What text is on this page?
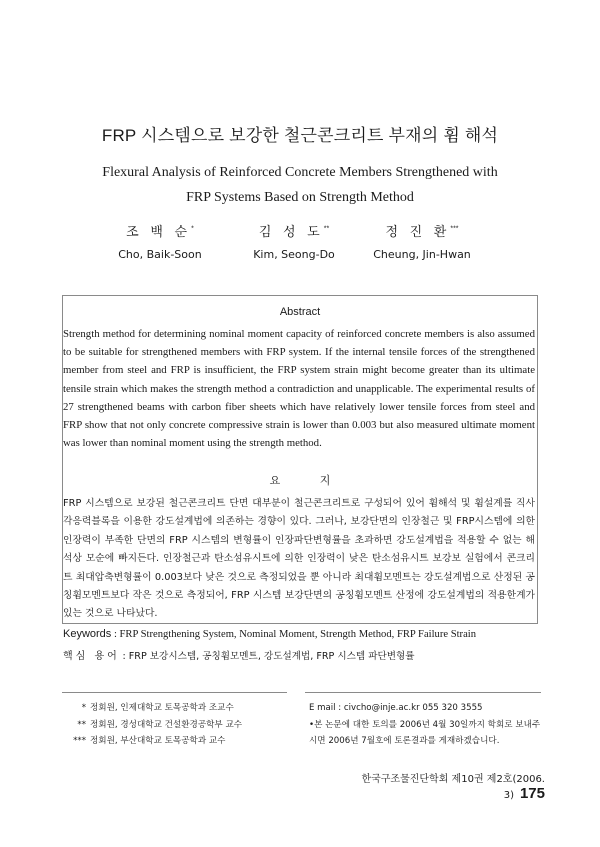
FRP 시스템으로 보강한 철근콘크리트 부재의 휨 해석
Flexural Analysis of Reinforced Concrete Members Strengthened with
FRP Systems Based on Strength Method
조 백 순*
Cho, Baik-Soon
김 성 도**
Kim, Seong-Do
정 진 환***
Cheung, Jin-Hwan
Abstract
Strength method for determining nominal moment capacity of reinforced concrete members is also assumed to be suitable for strengthened members with FRP system. If the internal tensile forces of the strengthened member from steel and FRP is insufficient, the FRP system strain might become greater than its ultimate tensile strain which makes the strength method a contradiction and unapplicable. The experimental results of 27 strengthened beams with carbon fiber sheets which have relatively lower tensile forces from steel and FRP show that not only concrete compressive strain is lower than 0.003 but also measured ultimate moment was lower than nominal moment using the strength method.
요 지
FRP 시스템으로 보강된 철근콘크리트 단면 대부분이 철근콘크리트로 구성되어 있어 휨해석 및 휨설계를 직사각응력블록을 이용한 강도설계법에 의존하는 경향이 있다. 그러나, 보강단면의 인장철근 및 FRP시스템에 의한 인장력이 부족한 단면의 FRP 시스템의 변형률이 인장파단변형률을 초과하면 강도설계법을 적용할 수 없는 해석상 모순에 빠지든다. 인장철근과 탄소섬유시트에 의한 인장력이 낮은 탄소섬유시트 보강보 실험에서 콘크리트 최대압축변형률이 0.003보다 낮은 것으로 측정되었을 뿐 아니라 최대휨모멘트는 강도설계법으로 산정된 공칭휨모멘트보다 작은 것으로 측정되어, FRP 시스템 보강단면의 공칭휨모멘트 산정에 강도설계법의 적용한계가 있는 것으로 나타났다.
Keywords : FRP Strengthening System, Nominal Moment, Strength Method, FRP Failure Strain
핵심 용어 : FRP 보강시스템, 공칭휨모멘트, 강도설계법, FRP 시스템 파단변형률
* 정회원, 인제대학교 토목공학과 조교수
** 정회원, 경성대학교 건설환경공학부 교수
*** 정회원, 부산대학교 토목공학과 교수
E mail : civcho@inje.ac.kr 055 320 3555
•본 논문에 대한 토의를 2006년 4월 30일까지 학회로 보내주시면 2006년 7월호에 토론결과를 게재하겠습니다.
한국구조물진단학회 제10권 제2호(2006. 3) 175
